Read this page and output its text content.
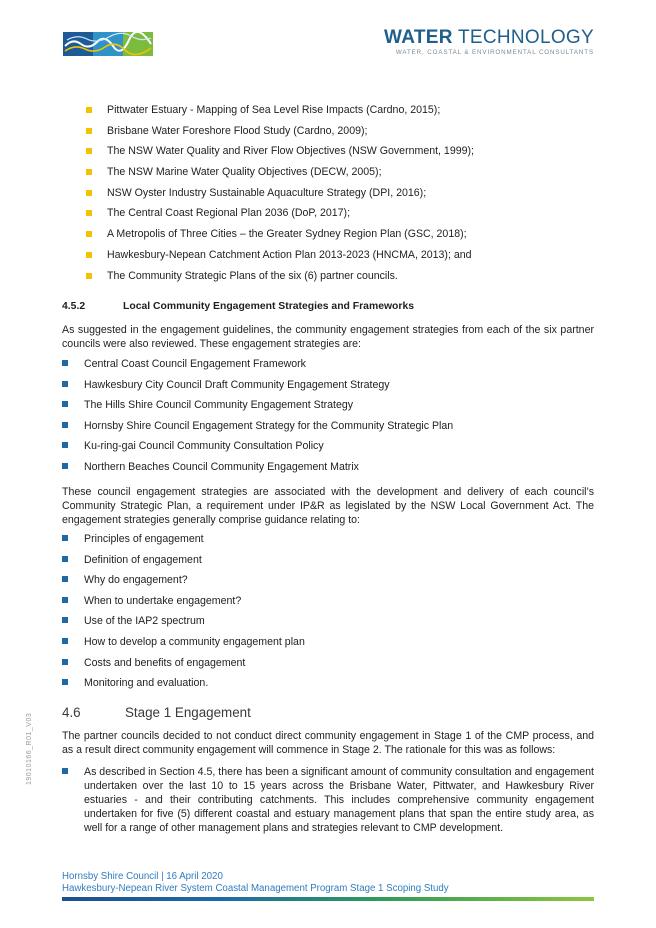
WATER TECHNOLOGY
WATER, COASTAL & ENVIRONMENTAL CONSULTANTS
Pittwater Estuary - Mapping of Sea Level Rise Impacts (Cardno, 2015);
Brisbane Water Foreshore Flood Study (Cardno, 2009);
The NSW Water Quality and River Flow Objectives (NSW Government, 1999);
The NSW Marine Water Quality Objectives (DECW, 2005);
NSW Oyster Industry Sustainable Aquaculture Strategy (DPI, 2016);
The Central Coast Regional Plan 2036 (DoP, 2017);
A Metropolis of Three Cities – the Greater Sydney Region Plan (GSC, 2018);
Hawkesbury-Nepean Catchment Action Plan 2013-2023 (HNCMA, 2013); and
The Community Strategic Plans of the six (6) partner councils.
4.5.2	Local Community Engagement Strategies and Frameworks

As suggested in the engagement guidelines, the community engagement strategies from each of the six partner councils were also reviewed. These engagement strategies are:

Central Coast Council Engagement Framework
Hawkesbury City Council Draft Community Engagement Strategy
The Hills Shire Council Community Engagement Strategy
Hornsby Shire Council Engagement Strategy for the Community Strategic Plan
Ku-ring-gai Council Community Consultation Policy
Northern Beaches Council Community Engagement Matrix

These council engagement strategies are associated with the development and delivery of each council’s Community Strategic Plan, a requirement under IP&R as legislated by the NSW Local Government Act. The engagement strategies generally comprise guidance relating to:

Principles of engagement
Definition of engagement
Why do engagement?
When to undertake engagement?
Use of the IAP2 spectrum
How to develop a community engagement plan
Costs and benefits of engagement
Monitoring and evaluation.
4.6	Stage 1 Engagement

The partner councils decided to not conduct direct community engagement in Stage 1 of the CMP process, and as a result direct community engagement will commence in Stage 2. The rationale for this was as follows:

As described in Section 4.5, there has been a significant amount of community consultation and engagement undertaken over the last 10 to 15 years across the Brisbane Water, Pittwater, and Hawkesbury River estuaries - and their contributing catchments. This includes comprehensive community engagement undertaken for five (5) different coastal and estuary management plans that span the entire study area, as well for a range of other management plans and strategies relevant to CMP development.
19010166_R01_V03
Hornsby Shire Council | 16 April 2020
Hawkesbury-Nepean River System Coastal Management Program Stage 1 Scoping Study
